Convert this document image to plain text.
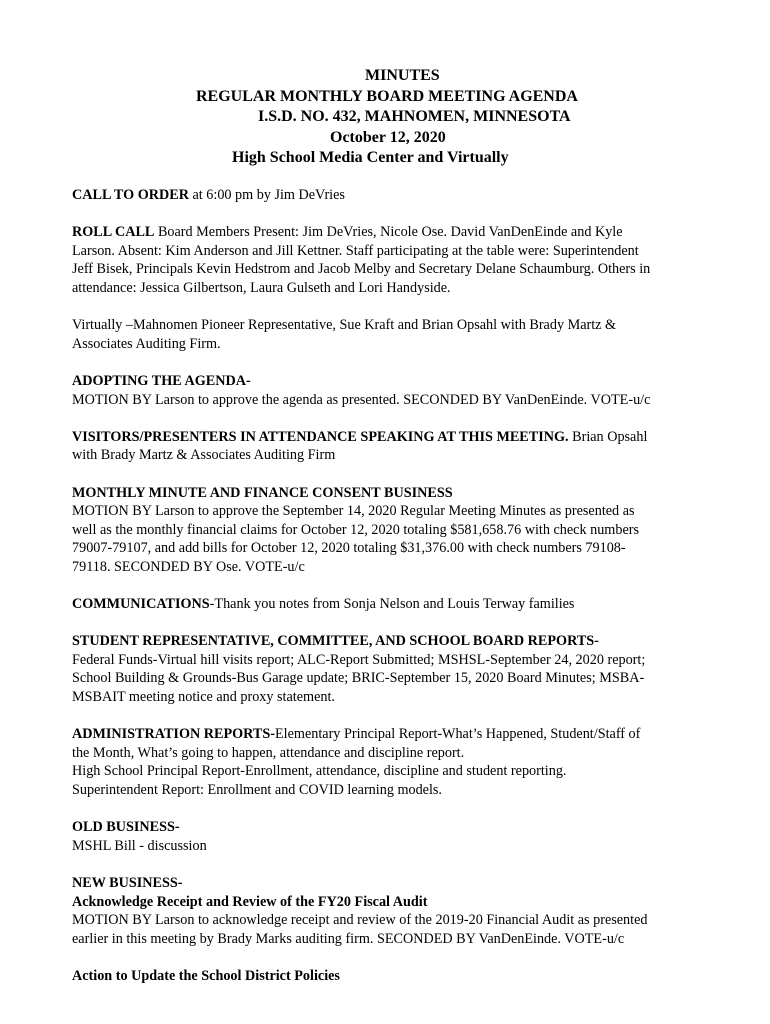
MINUTES
REGULAR MONTHLY BOARD MEETING AGENDA
I.S.D. NO. 432, MAHNOMEN, MINNESOTA
October 12, 2020
High School Media Center and Virtually

CALL TO ORDER at 6:00 pm by Jim DeVries

ROLL CALL Board Members Present: Jim DeVries, Nicole Ose. David VanDenEinde and Kyle

Larson. Absent: Kim Anderson and Jill Kettner. Staff participating at the table were: Superintendent

Jeff Bisek, Principals Kevin Hedstrom and Jacob Melby and Secretary Delane Schaumburg. Others in

attendance: Jessica Gilbertson, Laura Gulseth and Lori Handyside.

Virtually –Mahnomen Pioneer Representative, Sue Kraft and Brian Opsahl with Brady Martz &

Associates Auditing Firm.

ADOPTING THE AGENDA-

MOTION BY Larson to approve the agenda as presented. SECONDED BY VanDenEinde. VOTE-u/c

VISITORS/PRESENTERS IN ATTENDANCE SPEAKING AT THIS MEETING. Brian Opsahl

with Brady Martz & Associates Auditing Firm

MONTHLY MINUTE AND FINANCE CONSENT BUSINESS

MOTION BY Larson to approve the September 14, 2020 Regular Meeting Minutes as presented as

well as the monthly financial claims for October 12, 2020 totaling $581,658.76 with check numbers

79007-79107, and add bills for October 12, 2020 totaling $31,376.00 with check numbers 79108-

79118. SECONDED BY Ose. VOTE-u/c

COMMUNICATIONS-Thank you notes from Sonja Nelson and Louis Terway families

STUDENT REPRESENTATIVE, COMMITTEE, AND SCHOOL BOARD REPORTS-

Federal Funds-Virtual hill visits report; ALC-Report Submitted; MSHSL-September 24, 2020 report;

School Building & Grounds-Bus Garage update; BRIC-September 15, 2020 Board Minutes; MSBA-

MSBAIT meeting notice and proxy statement.

ADMINISTRATION REPORTS-Elementary Principal Report-What’s Happened, Student/Staff of

the Month, What’s going to happen, attendance and discipline report.

High School Principal Report-Enrollment, attendance, discipline and student reporting.

Superintendent Report: Enrollment and COVID learning models.

OLD BUSINESS-

MSHL Bill - discussion

NEW BUSINESS-

Acknowledge Receipt and Review of the FY20 Fiscal Audit

MOTION BY Larson to acknowledge receipt and review of the 2019-20 Financial Audit as presented

earlier in this meeting by Brady Marks auditing firm. SECONDED BY VanDenEinde. VOTE-u/c

Action to Update the School District Policies
